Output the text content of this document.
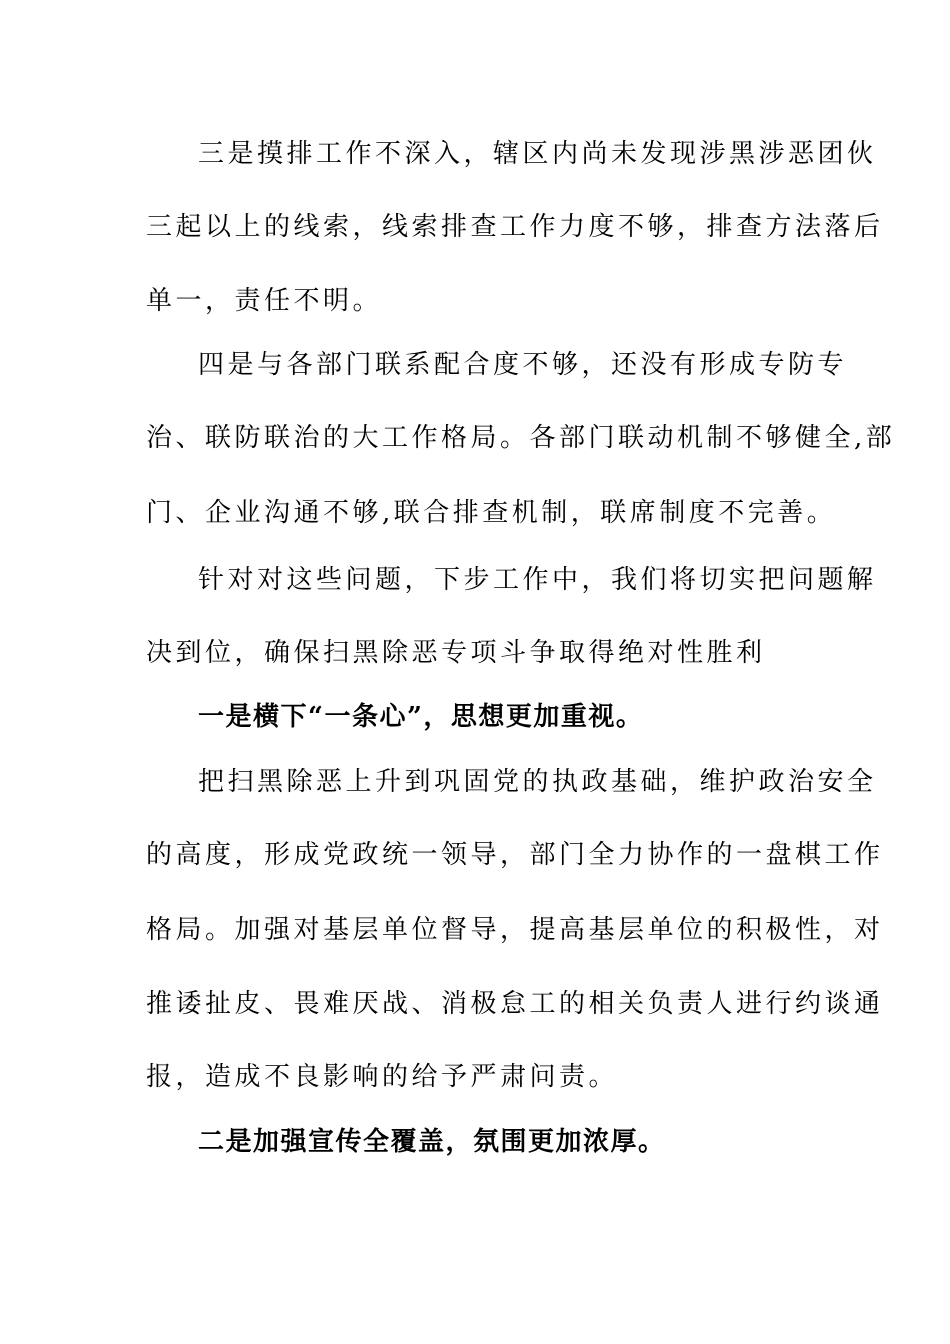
三是摸排工作不深入，辖区内尚未发现涉黑涉恶团伙

三起以上的线索，线索排查工作力度不够，排查方法落后

单一，责任不明。

四是与各部门联系配合度不够，还没有形成专防专

治、联防联治的大工作格局。各部门联动机制不够健全,部

门、企业沟通不够,联合排查机制，联席制度不完善。

针对对这些问题，下步工作中，我们将切实把问题解

决到位，确保扫黑除恶专项斗争取得绝对性胜利

一是横下“一条心”，思想更加重视。

把扫黑除恶上升到巩固党的执政基础，维护政治安全

的高度，形成党政统一领导，部门全力协作的一盘棋工作

格局。加强对基层单位督导，提高基层单位的积极性，对

推诿扯皮、畏难厌战、消极怠工的相关负责人进行约谈通

报，造成不良影响的给予严肃问责。

二是加强宣传全覆盖，氛围更加浓厚。
